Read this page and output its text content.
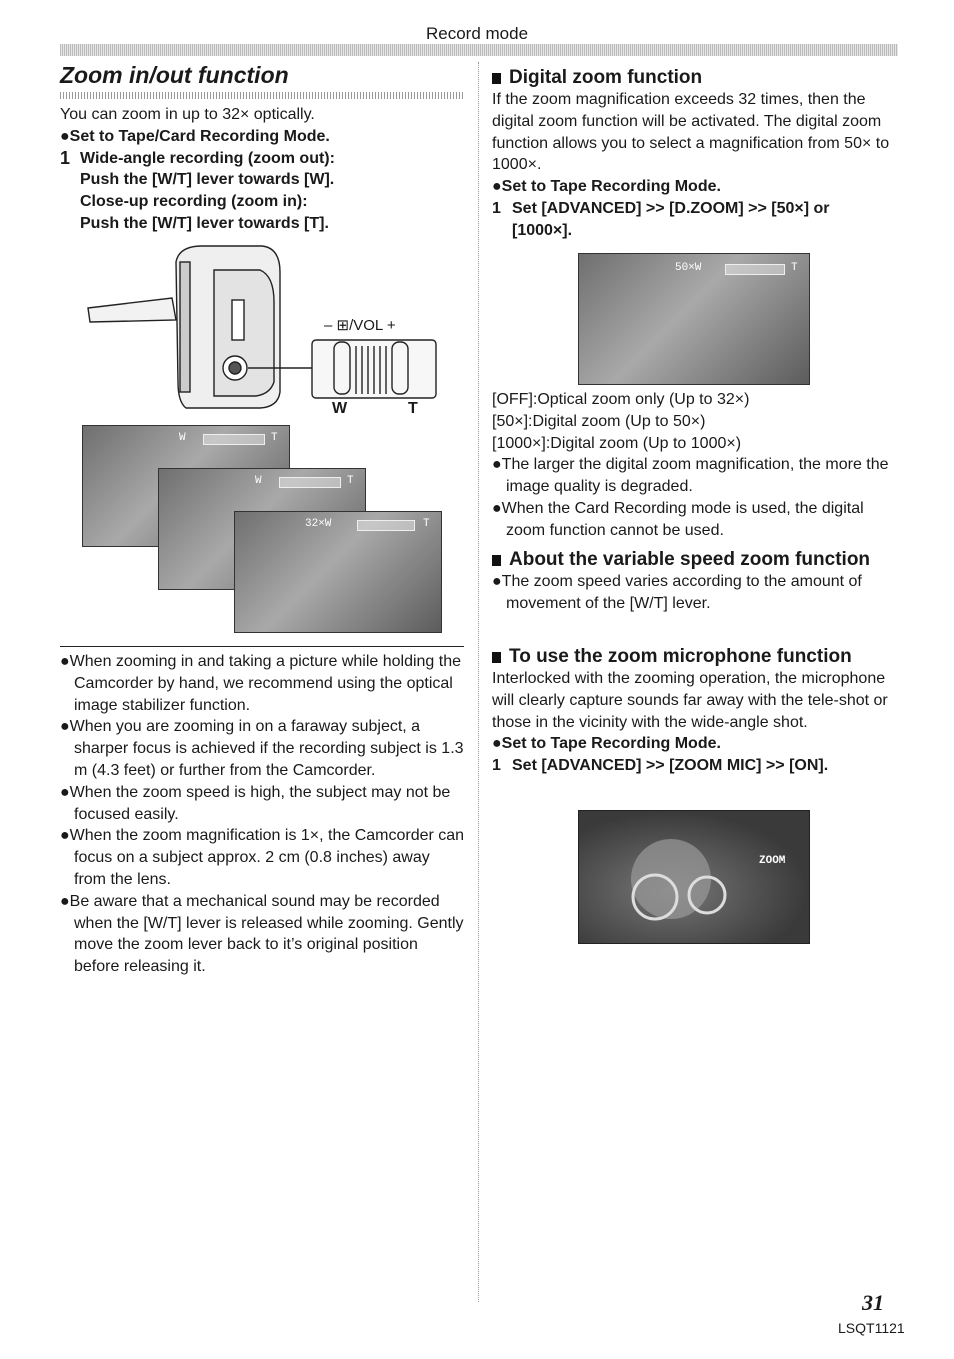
Record mode
Zoom in/out function

You can zoom in up to 32× optically.

●Set to Tape/Card Recording Mode.

1 Wide-angle recording (zoom out):
Push the [W/T] lever towards [W].
Close-up recording (zoom in):
Push the [W/T] lever towards [T].
– ⊞/VOL +
W	T
W	T
W	T
32×W	T

●When zooming in and taking a picture while holding the Camcorder by hand, we recommend using the optical image stabilizer function.

●When you are zooming in on a faraway subject, a sharper focus is achieved if the recording subject is 1.3 m (4.3 feet) or further from the Camcorder.

●When the zoom speed is high, the subject may not be focused easily.

●When the zoom magnification is 1×, the Camcorder can focus on a subject approx. 2 cm (0.8 inches) away from the lens.

●Be aware that a mechanical sound may be recorded when the [W/T] lever is released while zooming. Gently move the zoom lever back to it’s original position before releasing it.

Digital zoom function

If the zoom magnification exceeds 32 times, then the digital zoom function will be activated. The digital zoom function allows you to select a magnification from 50× to 1000×.

●Set to Tape Recording Mode.

1 Set [ADVANCED] >> [D.ZOOM] >> [50×] or [1000×].
50×W	T

[OFF]:Optical zoom only (Up to 32×)

[50×]:Digital zoom (Up to 50×)

[1000×]:Digital zoom (Up to 1000×)

●The larger the digital zoom magnification, the more the image quality is degraded.

●When the Card Recording mode is used, the digital zoom function cannot be used.

About the variable speed zoom function

●The zoom speed varies according to the amount of movement of the [W/T] lever.

To use the zoom microphone function

Interlocked with the zooming operation, the microphone will clearly capture sounds far away with the tele-shot or those in the vicinity with the wide-angle shot.

●Set to Tape Recording Mode.

1 Set [ADVANCED] >> [ZOOM MIC] >> [ON].
ZOOM
31
LSQT1121
